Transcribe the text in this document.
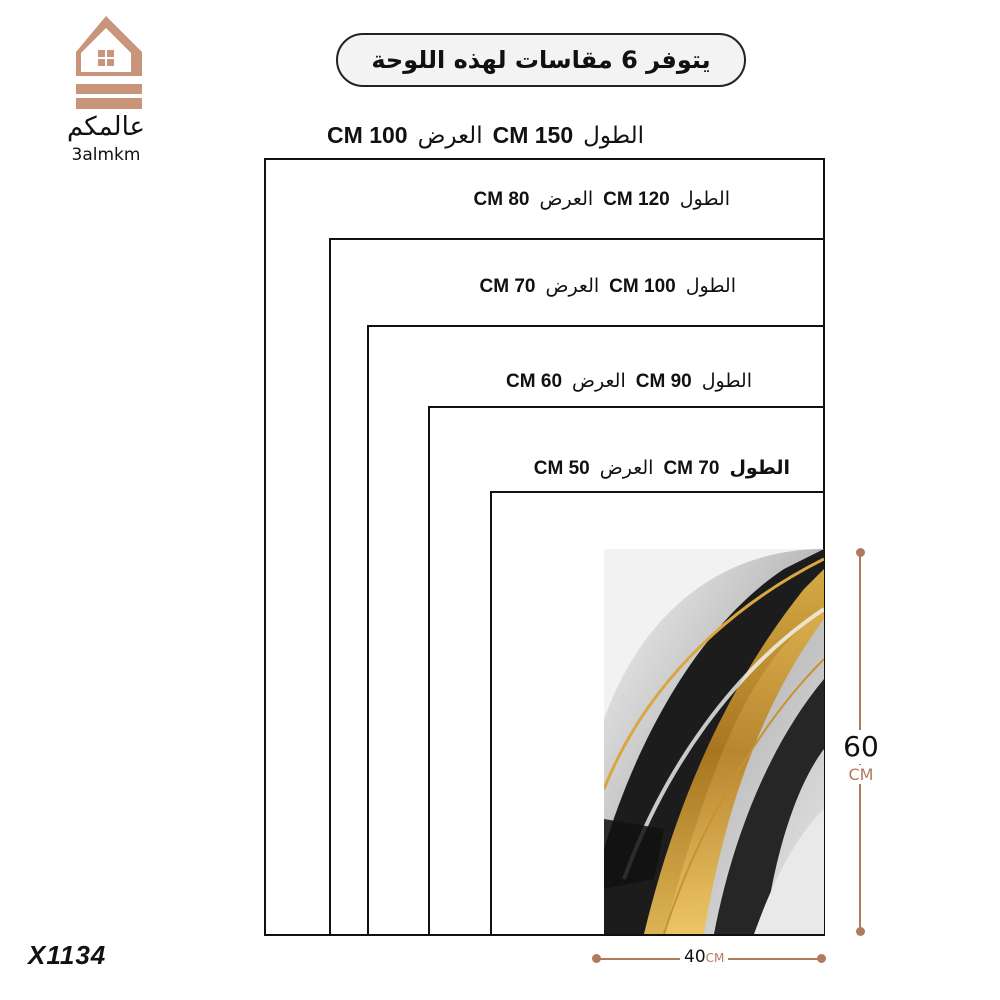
عالمكم
3almkm
يتوفر 6 مقاسات لهذه اللوحة
الطول
150 CM
العرض
100 CM
الطول
120 CM
العرض
80 CM
الطول
100 CM
العرض
70 CM
الطول
90 CM
العرض
60 CM
الطول
70 CM
العرض
50 CM
60
CM
40CM
X1134
